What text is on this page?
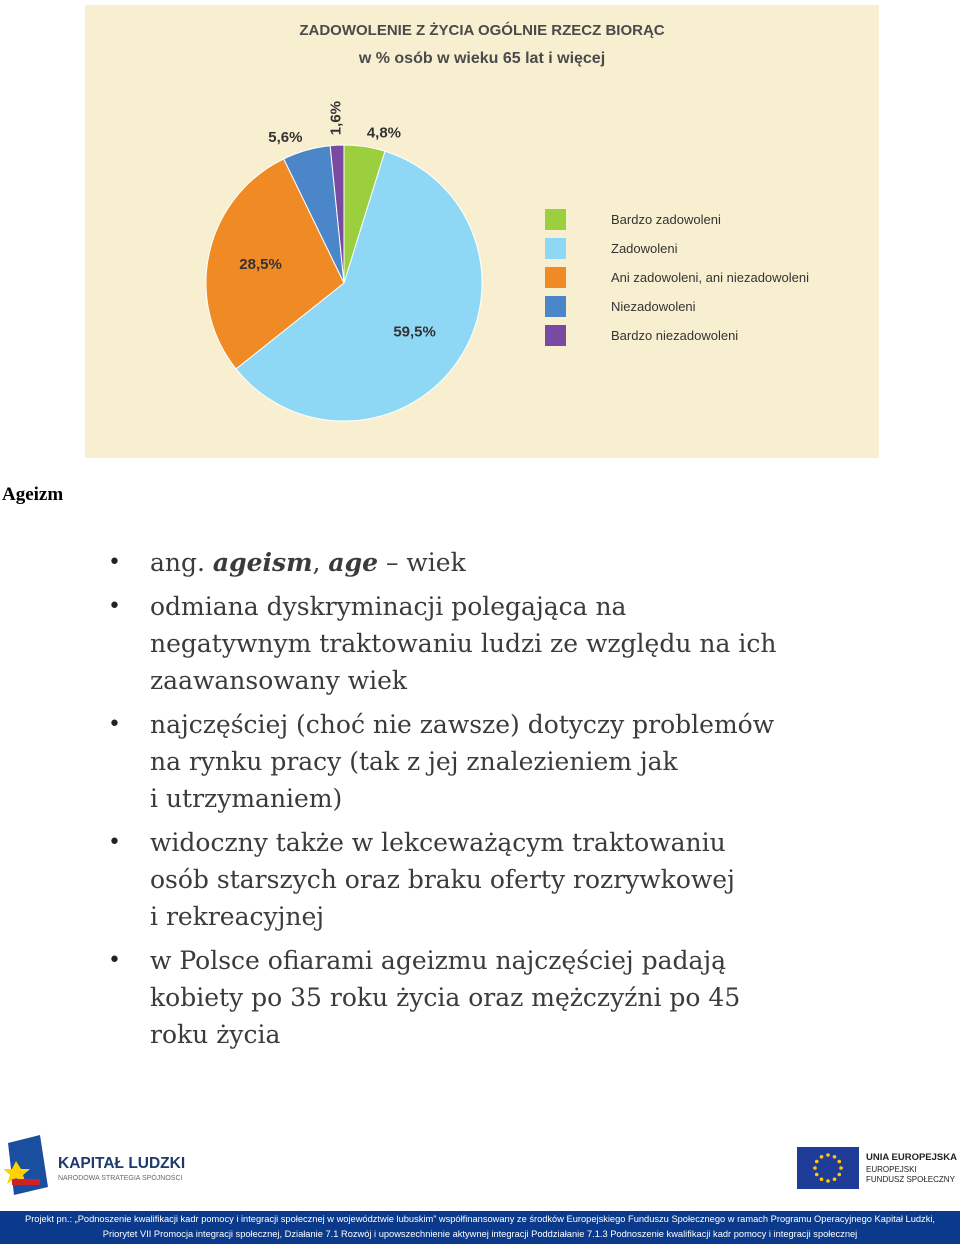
ZADOWOLENIE Z ŻYCIA OGÓLNIE RZECZ BIORĄC
w % osób w wieku 65 lat i więcej
4,8%
59,5%
28,5%
5,6%
1,6%
Bardzo zadowoleni
Zadowoleni
Ani zadowoleni, ani niezadowoleni
Niezadowoleni
Bardzo niezadowoleni
Ageizm
• ang. ageism, age – wiek
• odmiana dyskryminacji polegająca na
negatywnym traktowaniu ludzi ze względu na ich
zaawansowany wiek
• najczęściej (choć nie zawsze) dotyczy problemów
na rynku pracy (tak z jej znalezieniem jak
i utrzymaniem)
• widoczny także w lekceważącym traktowaniu
osób starszych oraz braku oferty rozrywkowej
i rekreacyjnej
• w Polsce ofiarami ageizmu najczęściej padają
kobiety po 35 roku życia oraz mężczyźni po 45
roku życia
KAPITAŁ LUDZKI
NARODOWA STRATEGIA SPÓJNOŚCI
UNIA EUROPEJSKA
EUROPEJSKI
FUNDUSZ SPOŁECZNY
Projekt pn.: „Podnoszenie kwalifikacji kadr pomocy i integracji społecznej w województwie lubuskim” współfinansowany ze środków Europejskiego Funduszu Społecznego w ramach Programu Operacyjnego Kapitał Ludzki,
Priorytet VII Promocja integracji społecznej, Działanie 7.1 Rozwój i upowszechnienie aktywnej integracji Poddziałanie 7.1.3 Podnoszenie kwalifikacji kadr pomocy i integracji społecznej
